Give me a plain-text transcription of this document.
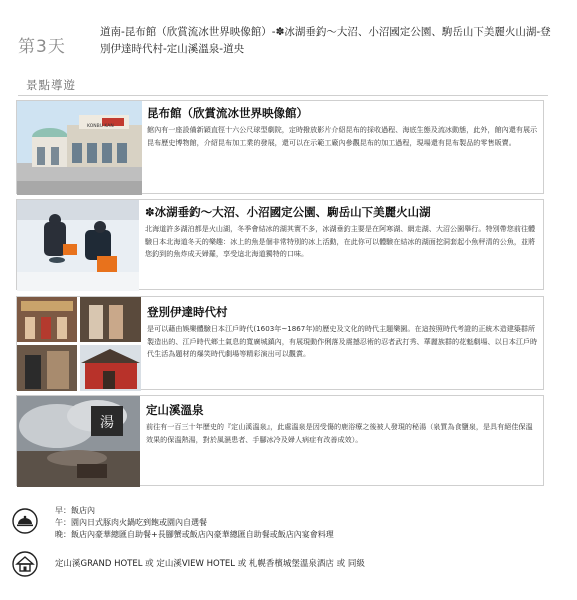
第3天
道南-昆布館（欣賞流冰世界映像館）-✽冰湖垂釣～大沼、小沼國定公園、駒岳山下美麗火山湖-登別伊達時代村-定山溪溫泉-道央
景點導遊
KONBU KAN
昆布館（欣賞流冰世界映像館）
館內有一座設備新穎直徑十六公尺球型劇院，定時撥放影片介紹昆布的採收過程、海底生態及流冰動態，此外，館內還有展示昆布歷史博物館，介紹昆布加工業的發展，還可以在示範工廠內參觀昆布的加工過程，現場還有昆布製品的零售販賣。
✽冰湖垂釣～大沼、小沼國定公園、駒岳山下美麗火山湖
北海道許多湖泊都是火山湖，冬季會結冰的湖其實不多，冰湖垂釣主要是在阿寒湖、網走湖、大沼公園舉行。特別帶您前往體驗日本北海道冬天的樂趣：冰上的魚是個非常特別的冰上活動，在此你可以體驗在結冰的湖面挖洞套起小魚秤清的公魚，並將您釣到的魚炸成天婦羅，享受這北海道獨特的口味。
登別伊達時代村
是可以藉由娛樂體驗日本江戶時代(1603年~1867年)的歷史及文化的時代主題樂園。在這按照時代考證的正統木造建築群所製造出的、江戶時代鄉土氣息的寬廣城鎮內，有展現動作俐落及震撼忍術的忍者武打秀、華麗族群的花魁劇場、以日本江戶時代生活為題材的爆笑時代劇場等精彩演出可以觀賞。
湯
定山溪溫泉
前往有一百三十年歷史的『定山溪溫泉』，此處溫泉是因受傷的鹿浴療之後被人發現的秘湯（泉質為食鹽泉，是具有絕佳保溫效果的保溫熱湯，對於風濕患者、手腳冰冷及婦人病症有改善成效）。
早：飯店內
午：園內日式豚肉火鍋吃到飽或園內自選餐
晚：飯店內豪華總匯自助餐+長腳蟹或飯店內豪華總匯自助餐或飯店內宴會料理
定山溪GRAND HOTEL 或 定山溪VIEW HOTEL 或 札幌香檳城堡溫泉酒店 或 同級
